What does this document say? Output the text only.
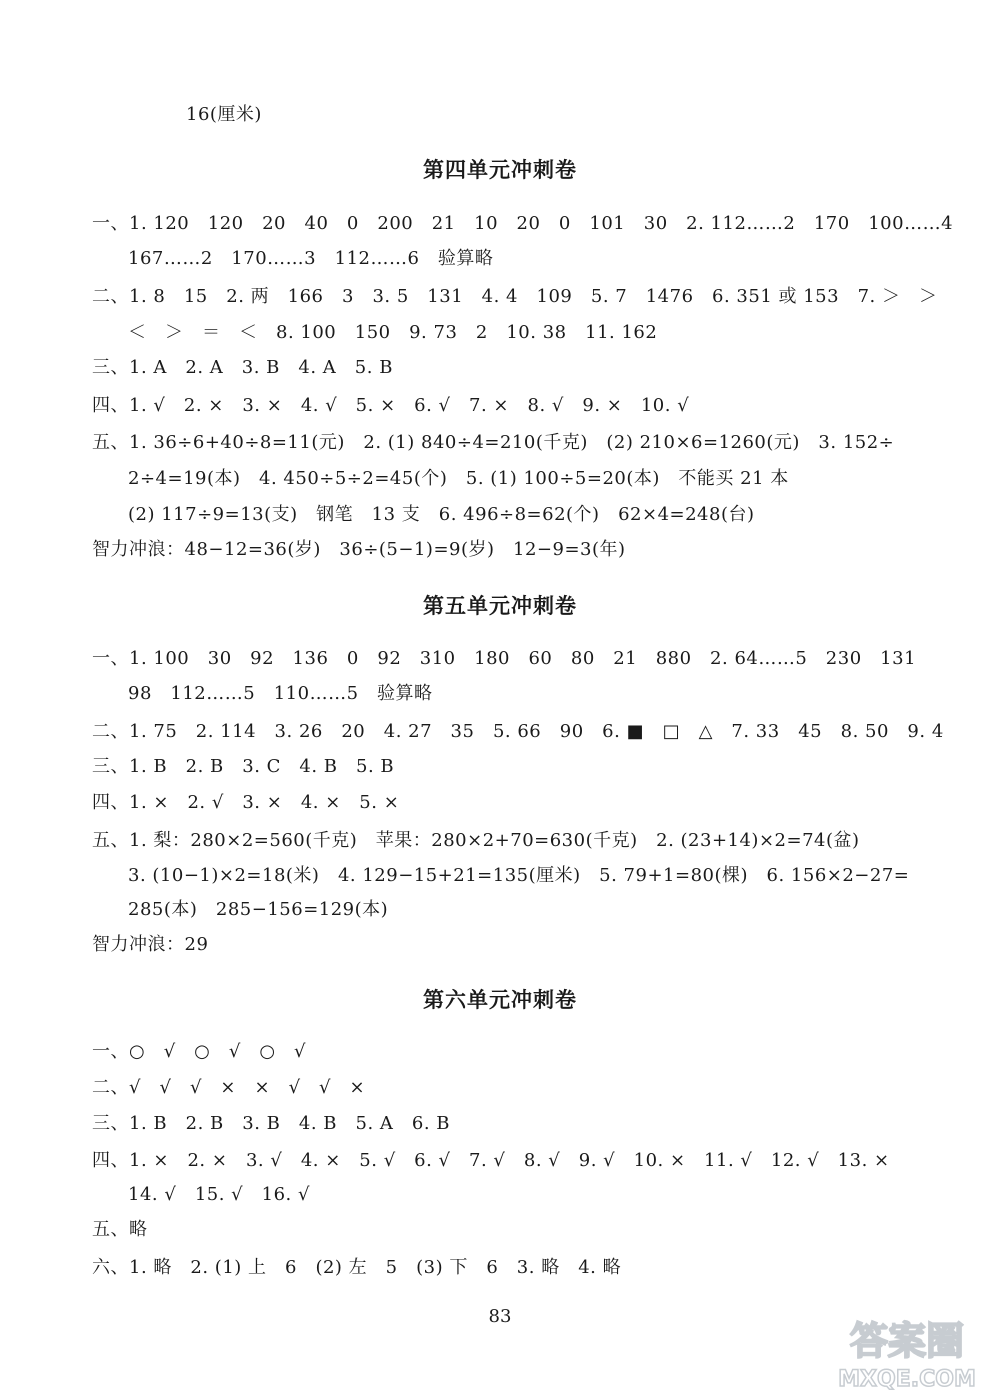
16(厘米)
第四单元冲刺卷
一、1. 120　120　20　40　0　200　21　10　20　0　101　30　2. 112……2　170　100……4
167……2　170……3　112……6　验算略
二、1. 8　15　2. 两　166　3　3. 5　131　4. 4　109　5. 7　1476　6. 351 或 153　7. ＞　＞
＜　＞　＝　＜　8. 100　150　9. 73　2　10. 38　11. 162
三、1. A　2. A　3. B　4. A　5. B
四、1. √　2. ×　3. ×　4. √　5. ×　6. √　7. ×　8. √　9. ×　10. √
五、1. 36÷6+40÷8=11(元)　2. (1) 840÷4=210(千克)　(2) 210×6=1260(元)　3. 152÷
2÷4=19(本)　4. 450÷5÷2=45(个)　5. (1) 100÷5=20(本)　不能买 21 本
(2) 117÷9=13(支)　钢笔　13 支　6. 496÷8=62(个)　62×4=248(台)
智力冲浪：48−12=36(岁)　36÷(5−1)=9(岁)　12−9=3(年)
第五单元冲刺卷
一、1. 100　30　92　136　0　92　310　180　60　80　21　880　2. 64……5　230　131
98　112……5　110……5　验算略
二、1. 75　2. 114　3. 26　20　4. 27　35　5. 66　90　6. ■　□　△　7. 33　45　8. 50　9. 4
三、1. B　2. B　3. C　4. B　5. B
四、1. ×　2. √　3. ×　4. ×　5. ×
五、1. 梨：280×2=560(千克)　苹果：280×2+70=630(千克)　2. (23+14)×2=74(盆)
3. (10−1)×2=18(米)　4. 129−15+21=135(厘米)　5. 79+1=80(棵)　6. 156×2−27=
285(本)　285−156=129(本)
智力冲浪：29
第六单元冲刺卷
一、○　√　○　√　○　√
二、√　√　√　×　×　√　√　×
三、1. B　2. B　3. B　4. B　5. A　6. B
四、1. ×　2. ×　3. √　4. ×　5. √　6. √　7. √　8. √　9. √　10. ×　11. √　12. √　13. ×
14. √　15. √　16. √
五、略
六、1. 略　2. (1) 上　6　(2) 左　5　(3) 下　6　3. 略　4. 略
83
答案圈
MXQE.COM
